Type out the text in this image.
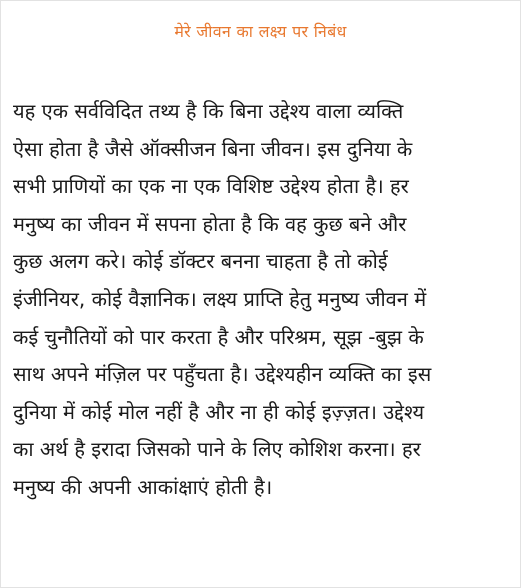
मेरे जीवन का लक्ष्य पर निबंध
यह एक सर्वविदित तथ्य है कि बिना उद्देश्य वाला व्यक्ति
ऐसा होता है जैसे ऑक्सीजन बिना जीवन। इस दुनिया के
सभी प्राणियों का एक ना एक विशिष्ट उद्देश्य होता है। हर
मनुष्य का जीवन में सपना होता है कि वह कुछ बने और
कुछ अलग करे। कोई डॉक्टर बनना चाहता है तो कोई
इंजीनियर, कोई वैज्ञानिक। लक्ष्य प्राप्ति हेतु मनुष्य जीवन में
कई चुनौतियों को पार करता है और परिश्रम, सूझ -बुझ के
साथ अपने मंज़िल पर पहुँचता है। उद्देश्यहीन व्यक्ति का इस
दुनिया में कोई मोल नहीं है और ना ही कोई इज़्ज़त। उद्देश्य
का अर्थ है इरादा जिसको पाने के लिए कोशिश करना। हर
मनुष्य की अपनी आकांक्षाएं होती है।
